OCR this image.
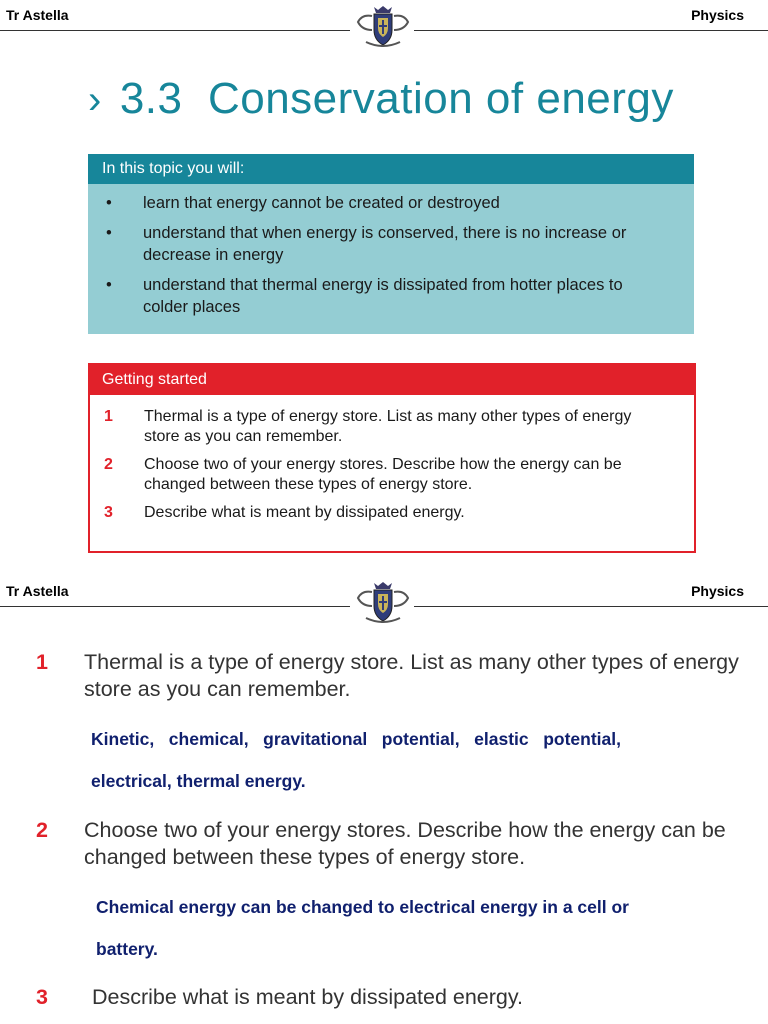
Tr Astella	Physics
› 3.3 Conservation of energy
In this topic you will:
• learn that energy cannot be created or destroyed
• understand that when energy is conserved, there is no increase or decrease in energy
• understand that thermal energy is dissipated from hotter places to colder places
Getting started
1 Thermal is a type of energy store. List as many other types of energy store as you can remember.
2 Choose two of your energy stores. Describe how the energy can be changed between these types of energy store.
3 Describe what is meant by dissipated energy.
Tr Astella	Physics
1 Thermal is a type of energy store. List as many other types of energy store as you can remember.
Kinetic,   chemical,   gravitational   potential,   elastic   potential,
electrical, thermal energy.
2 Choose two of your energy stores. Describe how the energy can be changed between these types of energy store.
Chemical energy can be changed to electrical energy in a cell or
battery.
3 Describe what is meant by dissipated energy.
